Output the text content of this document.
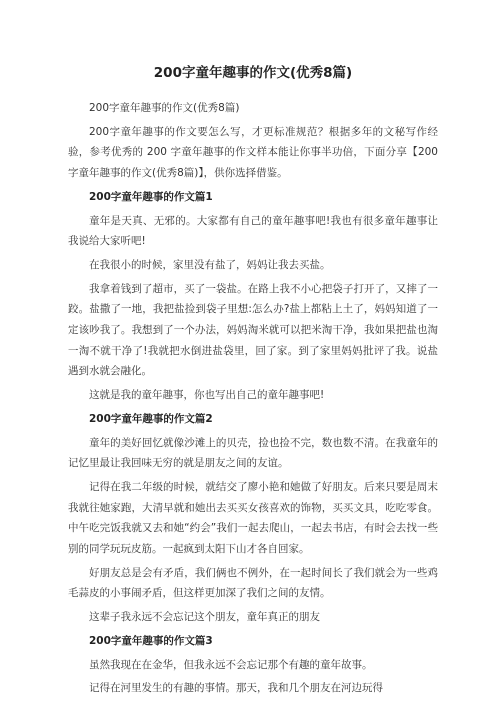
200字童年趣事的作文(优秀8篇)

200字童年趣事的作文(优秀8篇)

200字童年趣事的作文要怎么写，才更标准规范？根据多年的文秘写作经验，参考优秀的 200 字童年趣事的作文样本能让你事半功倍，下面分享【200字童年趣事的作文(优秀8篇)】，供你选择借鉴。

200字童年趣事的作文篇1

童年是天真、无邪的。大家都有自己的童年趣事吧!我也有很多童年趣事让我说给大家听吧!

在我很小的时候，家里没有盐了，妈妈让我去买盐。

我拿着钱到了超市，买了一袋盐。在路上我不小心把袋子打开了，又摔了一跤。盐撒了一地，我把盐捡到袋子里想:怎么办?盐上都粘上土了，妈妈知道了一定该吵我了。我想到了一个办法，妈妈淘米就可以把米淘干净，我如果把盐也淘一淘不就干净了!我就把水倒进盐袋里，回了家。到了家里妈妈批评了我。说盐遇到水就会融化。

这就是我的童年趣事，你也写出自己的童年趣事吧!

200字童年趣事的作文篇2

童年的美好回忆就像沙滩上的贝壳，捡也捡不完，数也数不清。在我童年的记忆里最让我回味无穷的就是朋友之间的友谊。

记得在我二年级的时候，就结交了廖小艳和她做了好朋友。后来只要是周末我就往她家跑，大清早就和她出去买买女孩喜欢的饰物，买买文具，吃吃零食。中午吃完饭我就又去和她“约会”我们一起去爬山，一起去书店，有时会去找一些别的同学玩玩皮筋。一起疯到太阳下山才各自回家。

好朋友总是会有矛盾，我们俩也不例外，在一起时间长了我们就会为一些鸡毛蒜皮的小事闹矛盾，但这样更加深了我们之间的友情。

这辈子我永远不会忘记这个朋友，童年真正的朋友

200字童年趣事的作文篇3

虽然我现在在金华，但我永远不会忘记那个有趣的童年故事。

记得在河里发生的有趣的事情。那天，我和几个朋友在河边玩得
